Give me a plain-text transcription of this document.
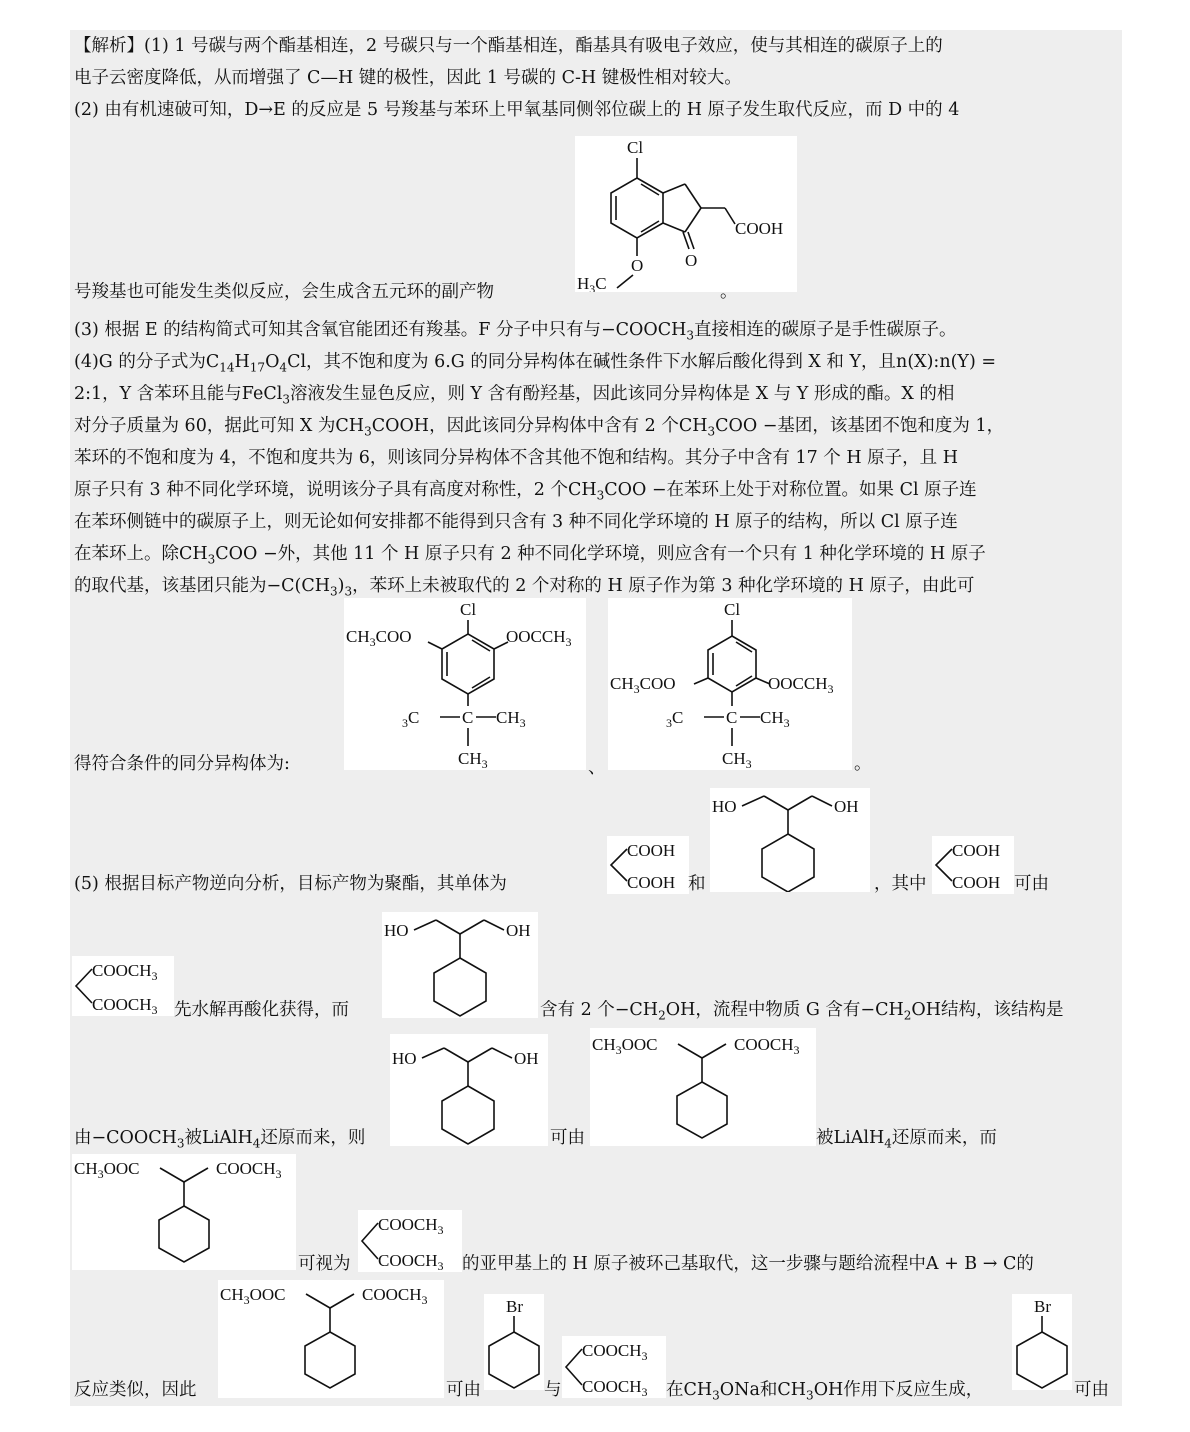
【解析】(1) 1 号碳与两个酯基相连，2 号碳只与一个酯基相连，酯基具有吸电子效应，使与其相连的碳原子上的
电子云密度降低，从而增强了 C—H 键的极性，因此 1 号碳的 C-H 键极性相对较大。
(2) 由有机速破可知，D→E 的反应是 5 号羧基与苯环上甲氧基同侧邻位碳上的 H 原子发生取代反应，而 D 中的 4
Cl
COOH
O
O
$H_3C$
号羧基也可能发生类似反应，会生成含五元环的副产物	。
(3) 根据 E 的结构简式可知其含氧官能团还有羧基。F 分子中只有与$-COOCH_3$直接相连的碳原子是手性碳原子。
(4)G 的分子式为$C_{14}H_{17}O_4Cl$，其不饱和度为 6.G 的同分异构体在碱性条件下水解后酸化得到 X 和 Y，且n(X):n(Y) =
2:1，Y 含苯环且能与FeCl$_3$溶液发生显色反应，则 Y 含有酚羟基，因此该同分异构体是 X 与 Y 形成的酯。X 的相
对分子质量为 60，据此可知 X 为$CH_3COOH$，因此该同分异构体中含有 2 个$CH_3COO$ −基团，该基团不饱和度为 1，
苯环的不饱和度为 4，不饱和度共为 6，则该同分异构体不含其他不饱和结构。其分子中含有 17 个 H 原子，且 H
原子只有 3 种不同化学环境，说明该分子具有高度对称性，2 个$CH_3COO$ −在苯环上处于对称位置。如果 Cl 原子连
在苯环侧链中的碳原子上，则无论如何安排都不能得到只含有 3 种不同化学环境的 H 原子的结构，所以 Cl 原子连
在苯环上。除$CH_3COO$ −外，其他 11 个 H 原子只有 2 种不同化学环境，则应含有一个只有 1 种化学环境的 H 原子
的取代基，该基团只能为$-C(CH_3)_3$，苯环上未被取代的 2 个对称的 H 原子作为第 3 种化学环境的 H 原子，由此可
Cl
$CH_3COO$	$OOCCH_3$
C
$_3$C	$CH_3$
$CH_3$
Cl
$CH_3COO$	$OOCCH_3$
C
$_3$C	$CH_3$
$CH_3$
得符合条件的同分异构体为:	、	。
COOH
COOH
HO	OH
(5) 根据目标产物逆向分析，目标产物为聚酯，其单体为	和	，其中
COOH
COOH 可由
$COOCH_3$
$COOCH_3$
HO	OH
先水解再酸化获得，而	含有 2 个$-CH_2OH$，流程中物质 G 含有$-CH_2OH$结构，该结构是
HO	OH
$CH_3OOC$	$COOCH_3$
由$-COOCH_3$被LiAlH$_4$还原而来，则	可由	被LiAlH$_4$还原而来，而
$CH_3OOC$	$COOCH_3$
可视为
$COOCH_3$
$COOCH_3$ 的亚甲基上的 H 原子被环己基取代，这一步骤与题给流程中A + B → C的
$CH_3OOC$	$COOCH_3$	Br
$COOCH_3$
$COOCH_3$
Br
反应类似，因此	可由	与	在$CH_3ONa$和$CH_3OH$作用下反应生成，	可由
